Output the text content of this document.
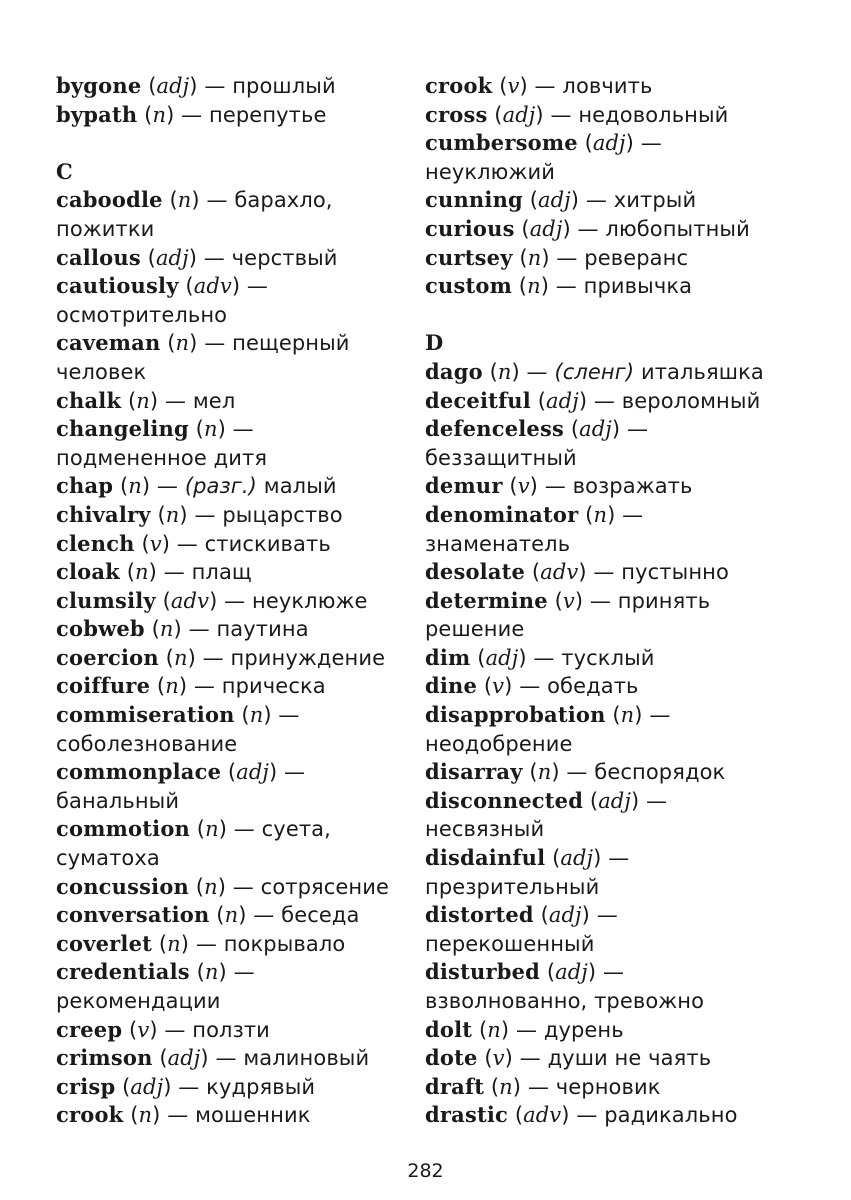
bygone (adj) — прошлый
bypath (n) — перепутье
C
caboodle (n) — барахло,
пожитки
callous (adj) — черствый
cautiously (adv) —
осмотрительно
caveman (n) — пещерный
человек
chalk (n) — мел
changeling (n) —
подмененное дитя
chap (n) — (разг.) малый
chivalry (n) — рыцарство
clench (v) — стискивать
cloak (n) — плащ
clumsily (adv) — неуклюже
cobweb (n) — паутина
coercion (n) — принуждение
coiffure (n) — прическа
commiseration (n) —
соболезнование
commonplace (adj) —
банальный
commotion (n) — суета,
суматоха
concussion (n) — сотрясение
conversation (n) — беседа
coverlet (n) — покрывало
credentials (n) —
рекомендации
creep (v) — ползти
crimson (adj) — малиновый
crisp (adj) — кудрявый
crook (n) — мошенник
crook (v) — ловчить
cross (adj) — недовольный
cumbersome (adj) —
неуклюжий
cunning (adj) — хитрый
curious (adj) — любопытный
curtsey (n) — реверанс
custom (n) — привычка
D
dago (n) — (сленг) итальяшка
deceitful (adj) — вероломный
defenceless (adj) —
беззащитный
demur (v) — возражать
denominator (n) —
знаменатель
desolate (adv) — пустынно
determine (v) — принять
решение
dim (adj) — тусклый
dine (v) — обедать
disapprobation (n) —
неодобрение
disarray (n) — беспорядок
disconnected (adj) —
несвязный
disdainful (adj) —
презрительный
distorted (adj) —
перекошенный
disturbed (adj) —
взволнованно, тревожно
dolt (n) — дурень
dote (v) — души не чаять
draft (n) — черновик
drastic (adv) — радикально
282
